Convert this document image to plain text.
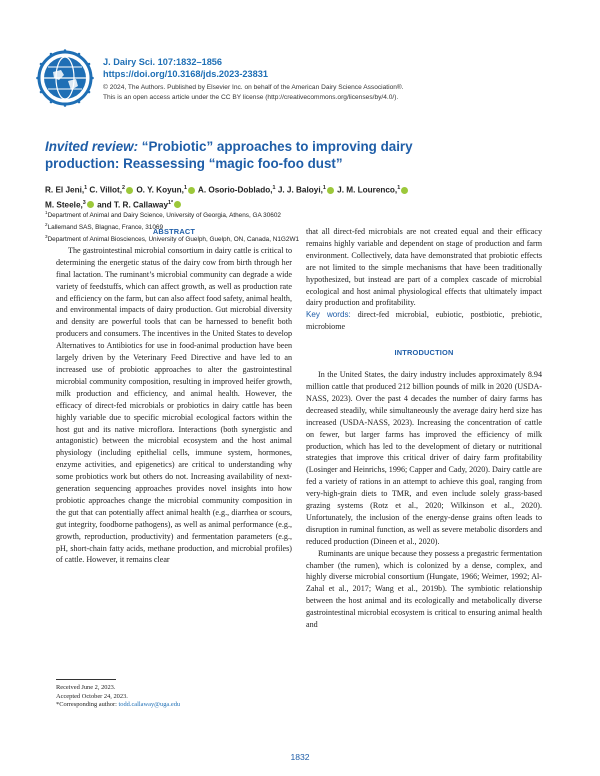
J. Dairy Sci. 107:1832–1856
https://doi.org/10.3168/jds.2023-23831
© 2024, The Authors. Published by Elsevier Inc. on behalf of the American Dairy Science Association®.
This is an open access article under the CC BY license (http://creativecommons.org/licenses/by/4.0/).
Invited review: “Probiotic” approaches to improving dairy
production: Reassessing “magic foo-foo dust”
R. El Jeni,$^1$ C. Villot,$^2$ O. Y. Koyun,$^1$ A. Osorio-Doblado,$^1$ J. J. Baloyi,$^1$ J. M. Lourenco,$^1$
M. Steele,$^3$ and T. R. Callaway$^{1*}$
$^1$Department of Animal and Dairy Science, University of Georgia, Athens, GA 30602
$^2$Lallemand SAS, Blagnac, France, 31069
$^3$Department of Animal Biosciences, University of Guelph, Guelph, ON, Canada, N1G2W1
ABSTRACT

The gastrointestinal microbial consortium in dairy cattle is critical to determining the energetic status of the dairy cow from birth through her final lactation. The ruminant’s microbial community can degrade a wide variety of feedstuffs, which can affect growth, as well as production rate and efficiency on the farm, but can also affect food safety, animal health, and environmental impacts of dairy production. Gut microbial diversity and density are powerful tools that can be harnessed to benefit both producers and consumers. The incentives in the United States to develop Alternatives to Antibiotics for use in food-animal production have been largely driven by the Veterinary Feed Directive and have led to an increased use of probiotic approaches to alter the gastrointestinal microbial community composition, resulting in improved heifer growth, milk production and efficiency, and animal health. However, the efficacy of direct-fed microbials or probiotics in dairy cattle has been highly variable due to specific microbial ecological factors within the host gut and its native microflora. Interactions (both synergistic and antagonistic) between the microbial ecosystem and the host animal physiology (including epithelial cells, immune system, hormones, enzyme activities, and epigenetics) are critical to understanding why some probiotics work but others do not. Increasing availability of next-generation sequencing approaches provides novel insights into how probiotic approaches change the microbial community composition in the gut that can potentially affect animal health (e.g., diarrhea or scours, gut integrity, foodborne pathogens), as well as animal performance (e.g., growth, reproduction, productivity) and fermentation parameters (e.g., pH, short-chain fatty acids, methane production, and microbial profiles) of cattle. However, it remains clear

that all direct-fed microbials are not created equal and their efficacy remains highly variable and dependent on stage of production and farm environment. Collectively, data have demonstrated that probiotic effects are not limited to the simple mechanisms that have been traditionally hypothesized, but instead are part of a complex cascade of microbial ecological and host animal physiological effects that ultimately impact dairy production and profitability.

Key words: direct-fed microbial, eubiotic, postbiotic, prebiotic, microbiome

INTRODUCTION

In the United States, the dairy industry includes approximately 8.94 million cattle that produced 212 billion pounds of milk in 2020 (USDA-NASS, 2023). Over the past 4 decades the number of dairy farms has decreased steadily, while simultaneously the average dairy herd size has increased (USDA-NASS, 2023). Increasing the concentration of cattle on fewer, but larger farms has improved the efficiency of milk production, which has led to the development of dietary or nutritional strategies that improve this critical driver of dairy farm profitability (Losinger and Heinrichs, 1996; Capper and Cady, 2020). Dairy cattle are fed a variety of rations in an attempt to achieve this goal, ranging from very-high-grain diets to TMR, and even include solely grass-based grazing systems (Rotz et al., 2020; Wilkinson et al., 2020). Unfortunately, the inclusion of the energy-dense grains often leads to disruption in ruminal function, as well as severe metabolic disorders and reduced production (Dineen et al., 2020).

Ruminants are unique because they possess a pregastric fermentation chamber (the rumen), which is colonized by a dense, complex, and highly diverse microbial consortium (Hungate, 1966; Weimer, 1992; Al-Zahal et al., 2017; Wang et al., 2019b). The symbiotic relationship between the host animal and its ecologically and metabolically diverse gastrointestinal microbial ecosystem is critical to ensuring animal health and

Received June 2, 2023.
Accepted October 24, 2023.
*Corresponding author: todd.callaway@uga.edu
1832
